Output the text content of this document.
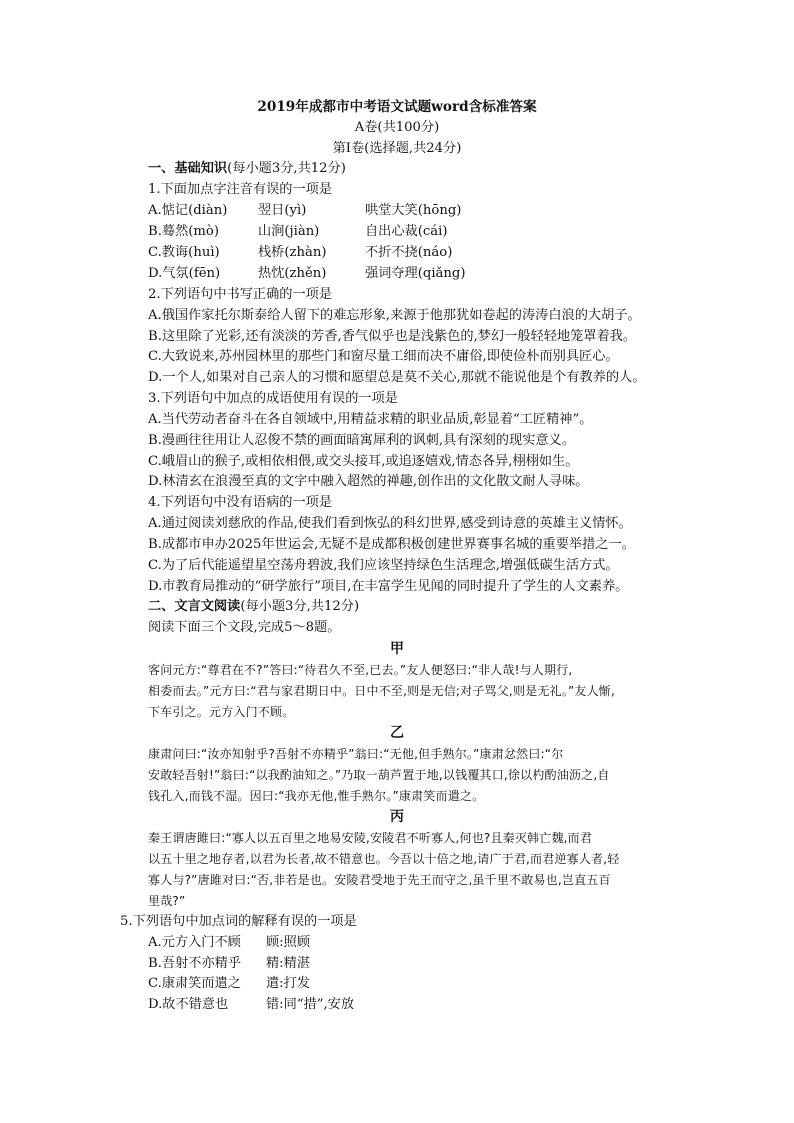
2019年成都市中考语文试题word含标准答案
A卷(共100分)
第Ⅰ卷(选择题,共24分)
一、基础知识(每小题3分,共12分)
1.下面加点字注音有误的一项是
A.惦记(diàn) 翌日(yì)	哄堂大笑(hōng)
B.蓦然(mò)	山涧(jiàn)	自出心裁(cái)
C.教诲(huì)	栈桥(zhàn)	不折不挠(náo)
D.气氛(fēn)	热忱(zhěn)	强词夺理(qiǎng)
2.下列语句中书写正确的一项是
A.俄国作家托尔斯泰给人留下的难忘形象,来源于他那犹如卷起的涛涛白浪的大胡子。
B.这里除了光彩,还有淡淡的芳香,香气似乎也是浅紫色的,梦幻一般轻轻地笼罩着我。
C.大致说来,苏州园林里的那些门和窗尽量工细而决不庸俗,即使俭朴而别具匠心。
D.一个人,如果对自己亲人的习惯和愿望总是莫不关心,那就不能说他是个有教养的人。
3.下列语句中加点的成语使用有误的一项是
A.当代劳动者奋斗在各自领域中,用精益求精的职业品质,彰显着“工匠精神”。
B.漫画往往用让人忍俊不禁的画面暗寓犀利的讽刺,具有深刻的现实意义。
C.峨眉山的猴子,或相依相偎,或交头接耳,或追逐嬉戏,情态各异,栩栩如生。
D.林清玄在浪漫至真的文字中融入超然的禅趣,创作出的文化散文耐人寻味。
4.下列语句中没有语病的一项是
A.通过阅读刘慈欣的作品,使我们看到恢弘的科幻世界,感受到诗意的英雄主义情怀。
B.成都市申办2025年世运会,无疑不是成都积极创建世界赛事名城的重要举措之一。
C.为了后代能遥望星空荡舟碧波,我们应该坚持绿色生活理念,增强低碳生活方式。
D.市教育局推动的“研学旅行”项目,在丰富学生见闻的同时提升了学生的人文素养。
二、文言文阅读(每小题3分,共12分)
阅读下面三个文段,完成5～8题。
甲
客问元方:“尊君在不?”答曰:“待君久不至,已去。”友人便怒曰:“非人哉!与人期行,
相委而去。”元方曰:“君与家君期日中。日中不至,则是无信;对子骂父,则是无礼。”友人惭,
下车引之。元方入门不顾。
乙
康肃问曰:“汝亦知射乎?吾射不亦精乎”翁曰:“无他,但手熟尔。”康肃忿然曰:“尔
安敢轻吾射!”翁曰:“以我酌油知之。”乃取一葫芦置于地,以钱覆其口,徐以杓酌油沥之,自
钱孔入,而钱不湿。因曰:“我亦无他,惟手熟尔。”康肃笑而遣之。
丙
秦王谓唐雎曰:“寡人以五百里之地易安陵,安陵君不听寡人,何也?且秦灭韩亡魏,而君
以五十里之地存者,以君为长者,故不错意也。今吾以十倍之地,请广于君,而君逆寡人者,轻
寡人与?”唐雎对曰:“否,非若是也。安陵君受地于先王而守之,虽千里不敢易也,岂直五百
里哉?”
5.下列语句中加点词的解释有误的一项是
A.元方入门不顾 顾:照顾
B.吾射不亦精乎 精:精湛
C.康肃笑而遣之 遣:打发
D.故不错意也	错:同“措”,安放
